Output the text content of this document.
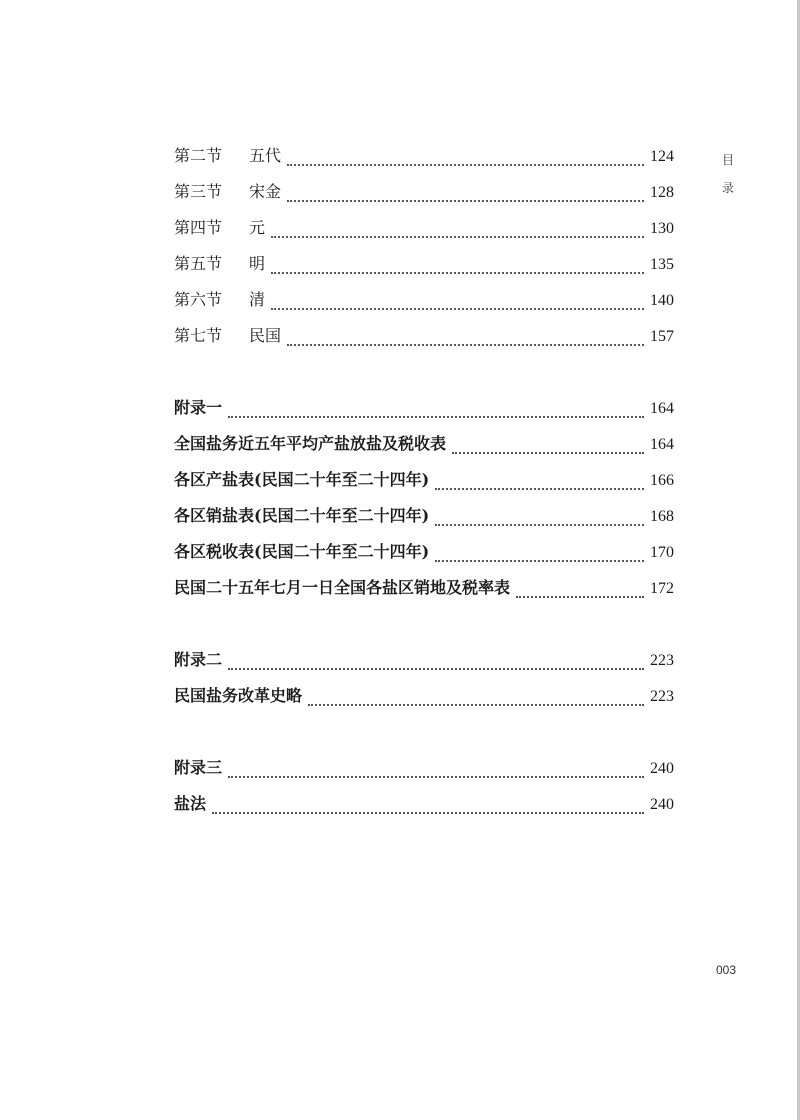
目
录
第二节	五代	124
第三节	宋金	128
第四节	元	130
第五节	明	135
第六节	清	140
第七节	民国	157
附录一	164
全国盐务近五年平均产盐放盐及税收表	164
各区产盐表(民国二十年至二十四年)	166
各区销盐表(民国二十年至二十四年)	168
各区税收表(民国二十年至二十四年)	170
民国二十五年七月一日全国各盐区销地及税率表	172
附录二	223
民国盐务改革史略	223
附录三	240
盐法	240
003
